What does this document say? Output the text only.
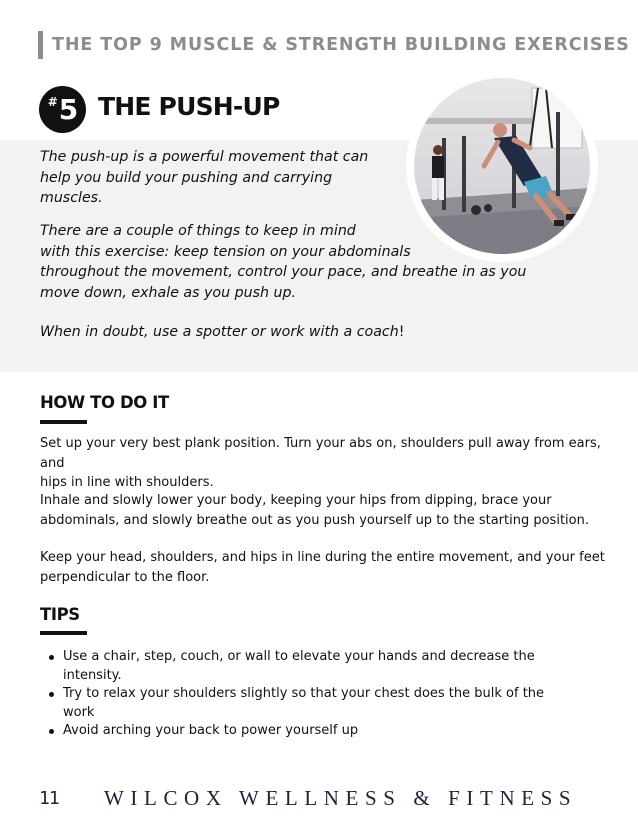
THE TOP 9 MUSCLE & STRENGTH BUILDING EXERCISES
# 5 THE PUSH-UP

The push-up is a powerful movement that can

help you build your pushing and carrying

muscles.

There are a couple of things to keep in mind

with this exercise: keep tension on your abdominals

throughout the movement, control your pace, and breathe in as you

move down, exhale as you push up.

When in doubt, use a spotter or work with a coach!

HOW TO DO IT
Set up your very best plank position. Turn your abs on, shoulders pull away from ears, and
hips in line with shoulders.
Inhale and slowly lower your body, keeping your hips from dipping, brace your
abdominals, and slowly breathe out as you push yourself up to the starting position.
Keep your head, shoulders, and hips in line during the entire movement, and your feet
perpendicular to the floor.
TIPS
Use a chair, step, couch, or wall to elevate your hands and decrease the
intensity.
Try to relax your shoulders slightly so that your chest does the bulk of the work
Avoid arching your back to power yourself up
11 WILCOX WELLNESS & FITNESS
